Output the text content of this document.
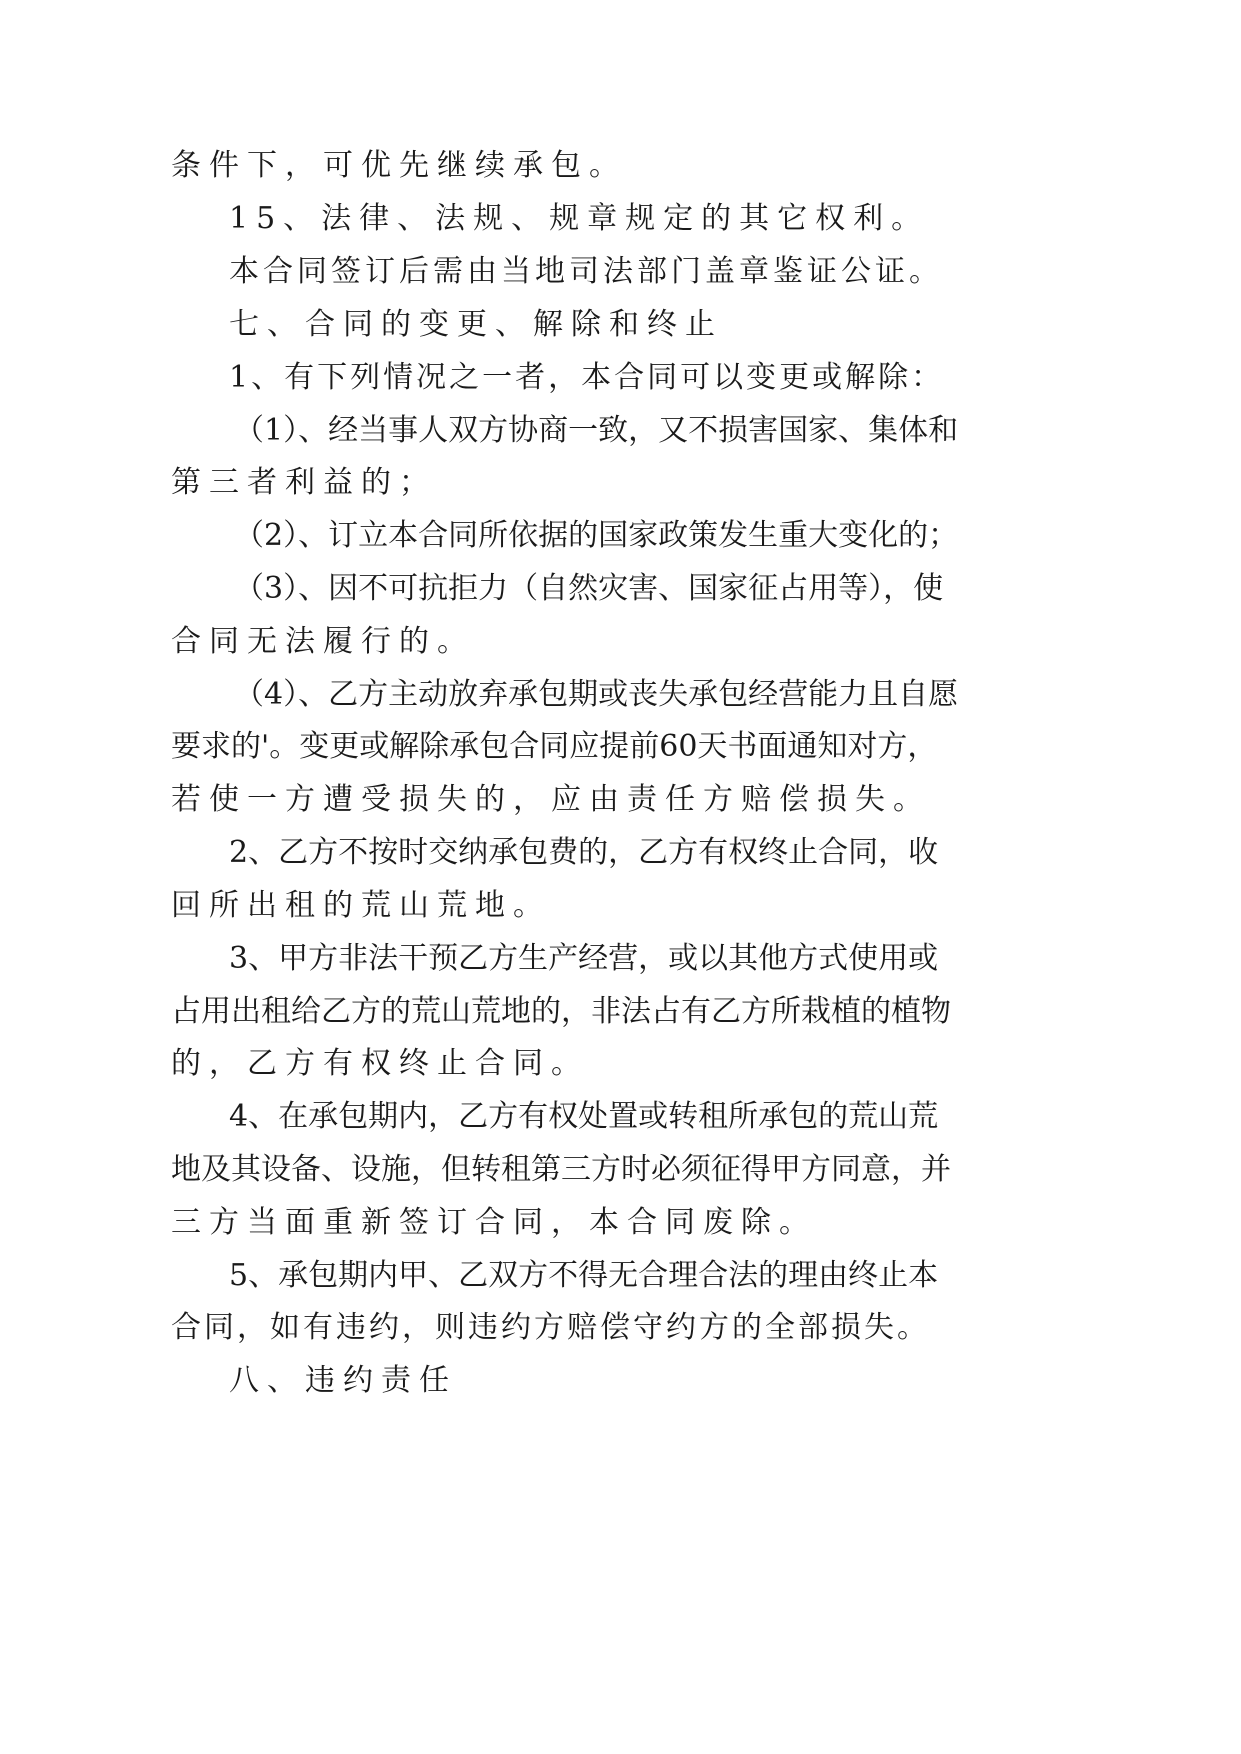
条件下，可优先继续承包。

15、法律、法规、规章规定的其它权利。

本合同签订后需由当地司法部门盖章鉴证公证。

七、合同的变更、解除和终止

1、有下列情况之一者，本合同可以变更或解除：

（1）、经当事人双方协商一致，又不损害国家、集体和

第三者利益的；

（2）、订立本合同所依据的国家政策发生重大变化的；

（3）、因不可抗拒力（自然灾害、国家征占用等），使

合同无法履行的。

（4）、乙方主动放弃承包期或丧失承包经营能力且自愿

要求的'。变更或解除承包合同应提前60天书面通知对方，

若使一方遭受损失的，应由责任方赔偿损失。

2、乙方不按时交纳承包费的，乙方有权终止合同，收

回所出租的荒山荒地。

3、甲方非法干预乙方生产经营，或以其他方式使用或

占用出租给乙方的荒山荒地的，非法占有乙方所栽植的植物

的，乙方有权终止合同。

4、在承包期内，乙方有权处置或转租所承包的荒山荒

地及其设备、设施，但转租第三方时必须征得甲方同意，并

三方当面重新签订合同，本合同废除。

5、承包期内甲、乙双方不得无合理合法的理由终止本

合同，如有违约，则违约方赔偿守约方的全部损失。

八、违约责任
